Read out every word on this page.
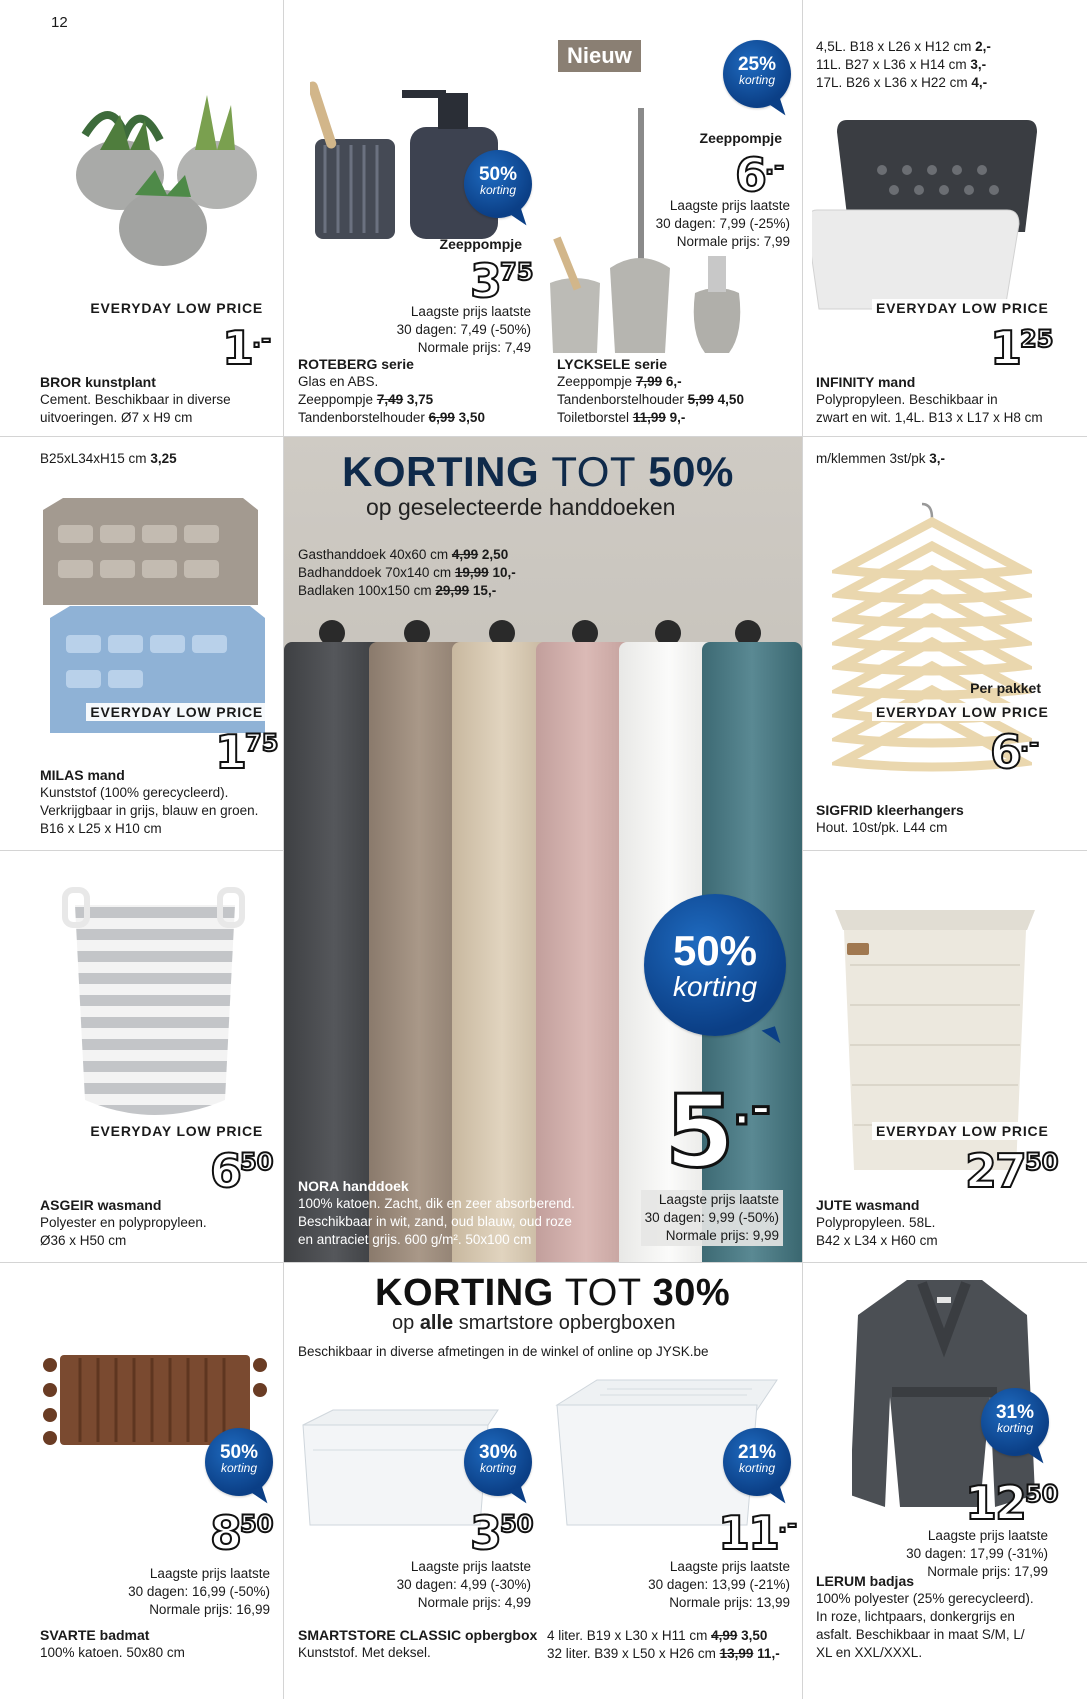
12
EVERYDAY LOW PRICE
1.-
BROR kunstplant
Cement. Beschikbaar in diverse
uitvoeringen. Ø7 x H9 cm
50%
korting
Zeeppompje
375
Laagste prijs laatste
30 dagen: 7,49 (-50%)
Normale prijs: 7,49
ROTEBERG serie
Glas en ABS.
Zeeppompje 7,49 3,75
Tandenborstelhouder 6,99 3,50
Nieuw	25%
korting
Zeeppompje
6.-
Laagste prijs laatste
30 dagen: 7,99 (-25%)
Normale prijs: 7,99
LYCKSELE serie
Zeeppompje 7,99 6,-
Tandenborstelhouder 5,99 4,50
Toiletborstel 11,99 9,-
4,5L. B18 x L26 x H12 cm 2,-
11L. B27 x L36 x H14 cm 3,-
17L. B26 x L36 x H22 cm 4,-
EVERYDAY LOW PRICE
125
INFINITY mand
Polypropyleen. Beschikbaar in
zwart en wit. 1,4L. B13 x L17 x H8 cm
B25xL34xH15 cm 3,25
EVERYDAY LOW PRICE
175
MILAS mand
Kunststof (100% gerecycleerd).
Verkrijgbaar in grijs, blauw en groen.
B16 x L25 x H10 cm
KORTING TOT 50%
op geselecteerde handdoeken
Gasthanddoek 40x60 cm 4,99 2,50
Badhanddoek 70x140 cm 19,99 10,-
Badlaken 100x150 cm 29,99 15,-
50%
korting
5.-
Laagste prijs laatste
30 dagen: 9,99 (-50%)
Normale prijs: 9,99
NORA handdoek
100% katoen. Zacht, dik en zeer absorberend.
Beschikbaar in wit, zand, oud blauw, oud roze
en antraciet grijs. 600 g/m². 50x100 cm
m/klemmen 3st/pk 3,-
Per pakket
EVERYDAY LOW PRICE
6.-
SIGFRID kleerhangers
Hout. 10st/pk. L44 cm
EVERYDAY LOW PRICE
650
ASGEIR wasmand
Polyester en polypropyleen.
Ø36 x H50 cm
EVERYDAY LOW PRICE
2750
JUTE wasmand
Polypropyleen. 58L.
B42 x L34 x H60 cm
50%
korting
850
Laagste prijs laatste
30 dagen: 16,99 (-50%)
Normale prijs: 16,99
SVARTE badmat
100% katoen. 50x80 cm
KORTING TOT 30%
op alle smartstore opbergboxen
Beschikbaar in diverse afmetingen in de winkel of online op JYSK.be
30%
korting
350
Laagste prijs laatste
30 dagen: 4,99 (-30%)
Normale prijs: 4,99
SMARTSTORE CLASSIC opbergbox
Kunststof. Met deksel.
21%
korting
11.-
Laagste prijs laatste
30 dagen: 13,99 (-21%)
Normale prijs: 13,99
4 liter. B19 x L30 x H11 cm 4,99 3,50
32 liter. B39 x L50 x H26 cm 13,99 11,-
31%
korting
1250
Laagste prijs laatste
30 dagen: 17,99 (-31%)
Normale prijs: 17,99
LERUM badjas
100% polyester (25% gerecycleerd).
In roze, lichtpaars, donkergrijs en
asfalt. Beschikbaar in maat S/M, L/
XL en XXL/XXXL.
